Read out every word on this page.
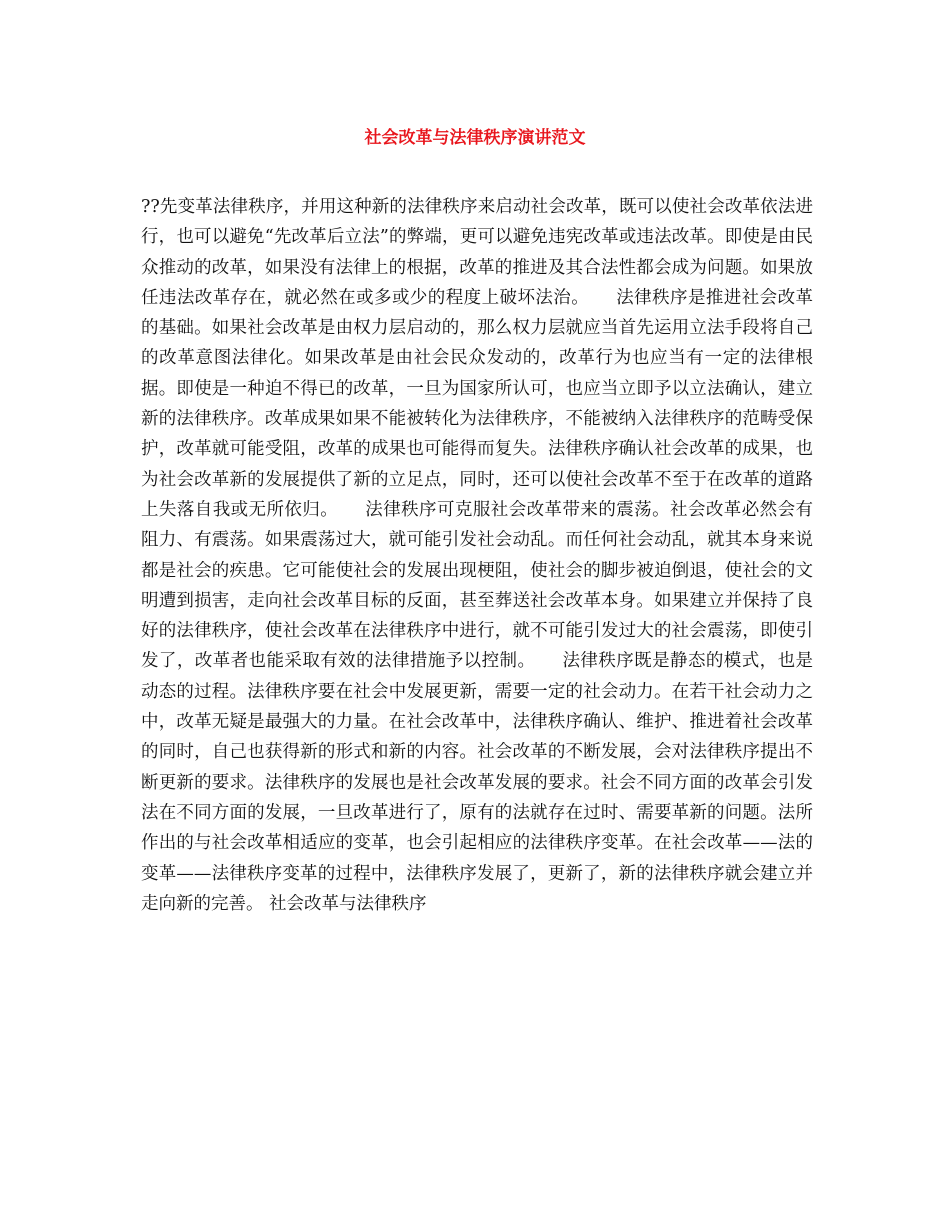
社会改革与法律秩序演讲范文

??先变革法律秩序，并用这种新的法律秩序来启动社会改革，既可以使社会改革依法进行，也可以避免“先改革后立法”的弊端，更可以避免违宪改革或违法改革。即使是由民众推动的改革，如果没有法律上的根据，改革的推进及其合法性都会成为问题。如果放任违法改革存在，就必然在或多或少的程度上破坏法治。　　法律秩序是推进社会改革的基础。如果社会改革是由权力层启动的，那么权力层就应当首先运用立法手段将自己的改革意图法律化。如果改革是由社会民众发动的，改革行为也应当有一定的法律根据。即使是一种迫不得已的改革，一旦为国家所认可，也应当立即予以立法确认，建立新的法律秩序。改革成果如果不能被转化为法律秩序，不能被纳入法律秩序的范畴受保护，改革就可能受阻，改革的成果也可能得而复失。法律秩序确认社会改革的成果，也为社会改革新的发展提供了新的立足点，同时，还可以使社会改革不至于在改革的道路上失落自我或无所依归。　　法律秩序可克服社会改革带来的震荡。社会改革必然会有阻力、有震荡。如果震荡过大，就可能引发社会动乱。而任何社会动乱，就其本身来说都是社会的疾患。它可能使社会的发展出现梗阻，使社会的脚步被迫倒退，使社会的文明遭到损害，走向社会改革目标的反面，甚至葬送社会改革本身。如果建立并保持了良好的法律秩序，使社会改革在法律秩序中进行，就不可能引发过大的社会震荡，即使引发了，改革者也能采取有效的法律措施予以控制。　　法律秩序既是静态的模式，也是动态的过程。法律秩序要在社会中发展更新，需要一定的社会动力。在若干社会动力之中，改革无疑是最强大的力量。在社会改革中，法律秩序确认、维护、推进着社会改革的同时，自己也获得新的形式和新的内容。社会改革的不断发展，会对法律秩序提出不断更新的要求。法律秩序的发展也是社会改革发展的要求。社会不同方面的改革会引发法在不同方面的发展，一旦改革进行了，原有的法就存在过时、需要革新的问题。法所作出的与社会改革相适应的变革，也会引起相应的法律秩序变革。在社会改革——法的变革——法律秩序变革的过程中，法律秩序发展了，更新了，新的法律秩序就会建立并走向新的完善。 社会改革与法律秩序
